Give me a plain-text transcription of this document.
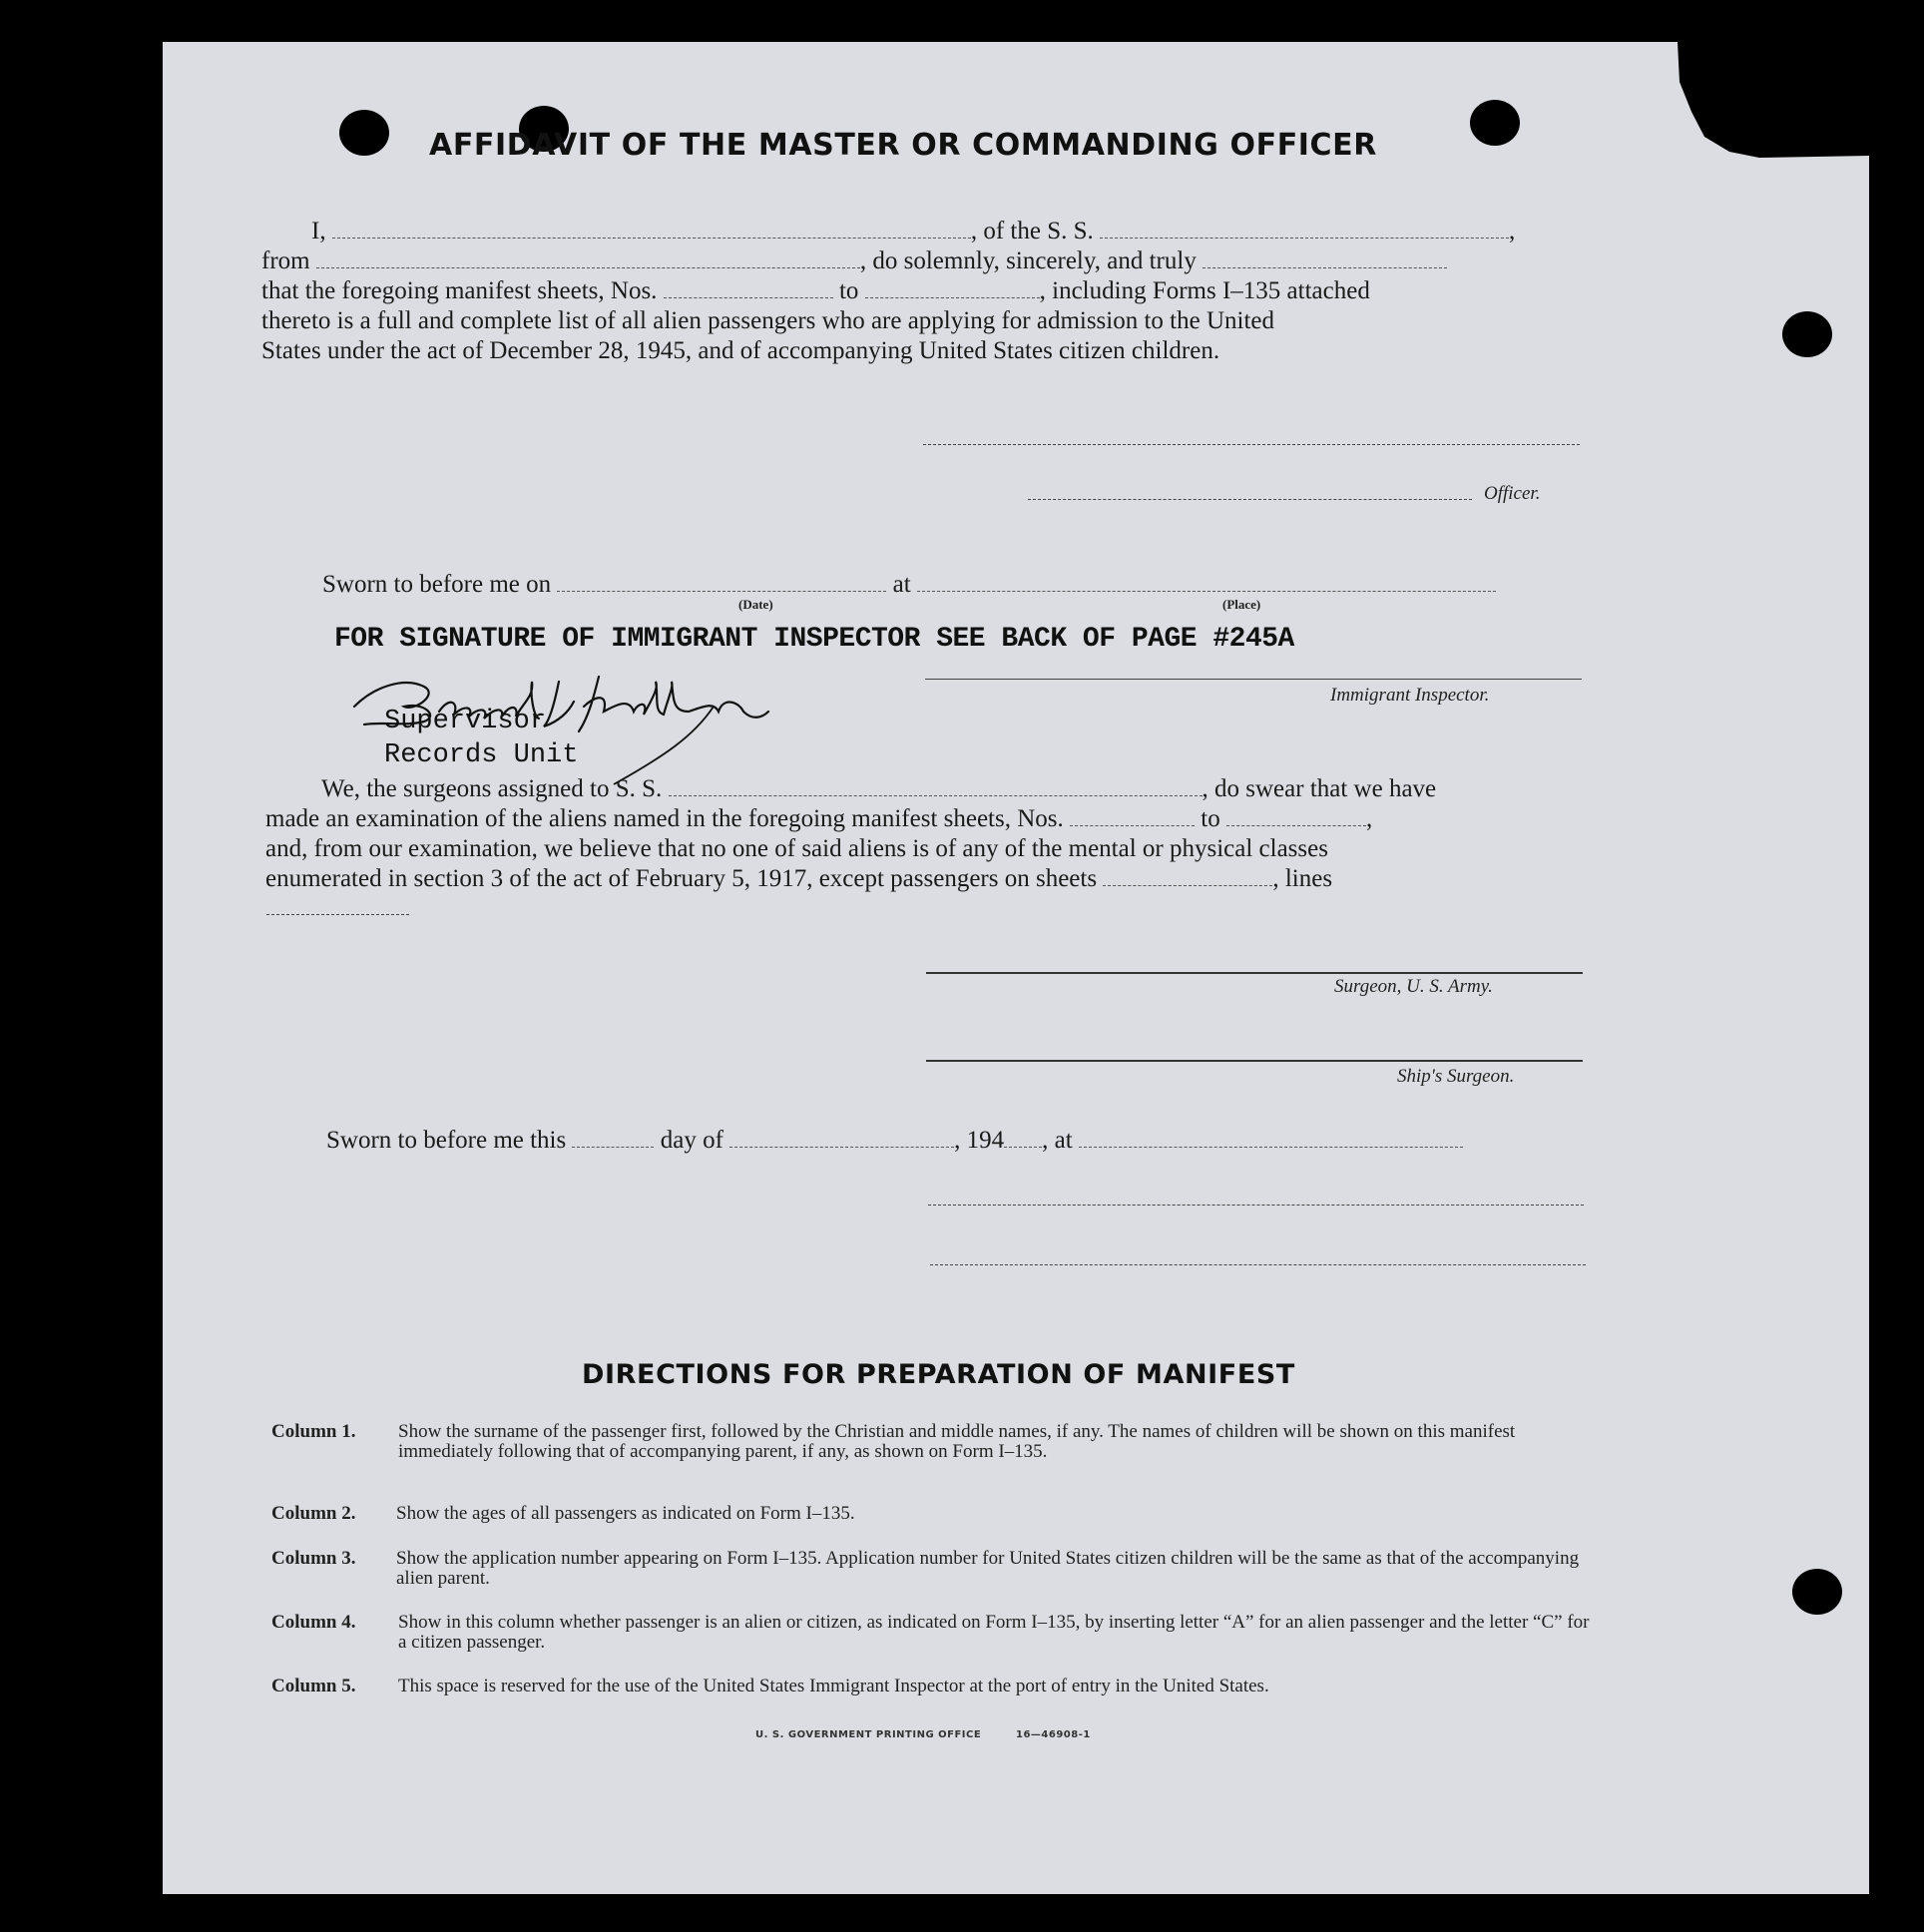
AFFIDAVIT OF THE MASTER OR COMMANDING OFFICER
I,	, of the S. S.	,
from	, do solemnly, sincerely, and truly
that the foregoing manifest sheets, Nos.	to	, including Forms I–135 attached
thereto is a full and complete list of all alien passengers who are applying for admission to the United
States under the act of December 28, 1945, and of accompanying United States citizen children.
Officer.
Sworn to before me on	at
(Date)	(Place)
FOR SIGNATURE OF IMMIGRANT INSPECTOR SEE BACK OF PAGE #245A
Immigrant Inspector.
Supervisor
Records Unit
We, the surgeons assigned to S. S.	, do swear that we have
made an examination of the aliens named in the foregoing manifest sheets, Nos.	to	,
and, from our examination, we believe that no one of said aliens is of any of the mental or physical classes
enumerated in section 3 of the act of February 5, 1917, except passengers on sheets	, lines
Surgeon, U. S. Army.
Ship's Surgeon.
Sworn to before me this	day of	, 194 , at
DIRECTIONS FOR PREPARATION OF MANIFEST
Column 1. Show the surname of the passenger first, followed by the Christian and middle names, if any. The names of children will be shown on this manifest immediately following that of accompanying parent, if any, as shown on Form I–135.
Column 2. Show the ages of all passengers as indicated on Form I–135.
Column 3. Show the application number appearing on Form I–135. Application number for United States citizen children will be the same as that of the accompanying alien parent.
Column 4. Show in this column whether passenger is an alien or citizen, as indicated on Form I–135, by inserting letter “A” for an alien passenger and the letter “C” for a citizen passenger.
Column 5. This space is reserved for the use of the United States Immigrant Inspector at the port of entry in the United States.
U. S. GOVERNMENT PRINTING OFFICE	16—46908-1
